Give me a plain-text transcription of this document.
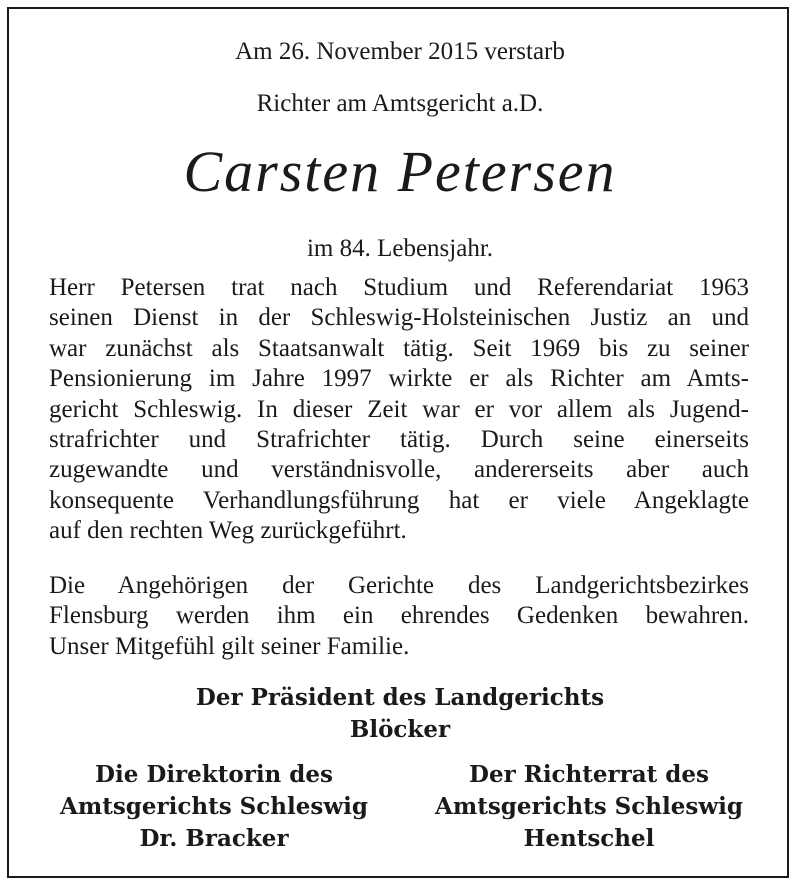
Am 26. November 2015 verstarb
Richter am Amtsgericht a.D.
Carsten Petersen
im 84. Lebensjahr.
Herr Petersen trat nach Studium und Referendariat 1963
seinen Dienst in der Schleswig-Holsteinischen Justiz an und
war zunächst als Staatsanwalt tätig. Seit 1969 bis zu seiner
Pensionierung im Jahre 1997 wirkte er als Richter am Amts-
gericht Schleswig. In dieser Zeit war er vor allem als Jugend-
strafrichter und Strafrichter tätig. Durch seine einerseits
zugewandte und verständnisvolle, andererseits aber auch
konsequente Verhandlungsführung hat er viele Angeklagte
auf den rechten Weg zurückgeführt.
Die Angehörigen der Gerichte des Landgerichtsbezirkes
Flensburg werden ihm ein ehrendes Gedenken bewahren.
Unser Mitgefühl gilt seiner Familie.
Der Präsident des Landgerichts
Blöcker
Die Direktorin des
Amtsgerichts Schleswig
Dr. Bracker
Der Richterrat des
Amtsgerichts Schleswig
Hentschel
